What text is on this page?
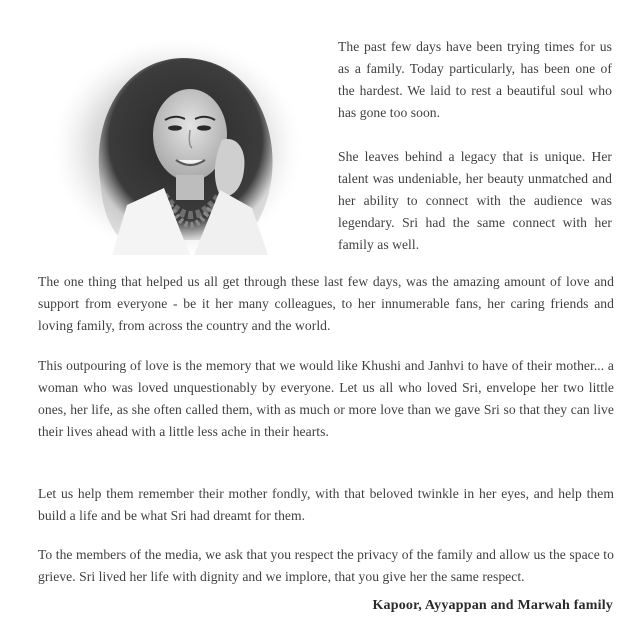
The past few days have been trying times for us as a family. Today particularly, has been one of the hardest. We laid to rest a beautiful soul who has gone too soon.

She leaves behind a legacy that is unique. Her talent was undeniable, her beauty unmatched and her ability to connect with the audience was legendary. Sri had the same connect with her family as well.

The one thing that helped us all get through these last few days, was the amazing amount of love and support from everyone - be it her many colleagues, to her innumerable fans, her caring friends and loving family, from across the country and the world.

This outpouring of love is the memory that we would like Khushi and Janhvi to have of their mother... a woman who was loved unquestionably by everyone. Let us all who loved Sri, envelope her two little ones, her life, as she often called them, with as much or more love than we gave Sri so that they can live their lives ahead with a little less ache in their hearts.

Let us help them remember their mother fondly, with that beloved twinkle in her eyes, and help them build a life and be what Sri had dreamt for them.

To the members of the media, we ask that you respect the privacy of the family and allow us the space to grieve. Sri lived her life with dignity and we implore, that you give her the same respect.

Kapoor, Ayyappan and Marwah family
